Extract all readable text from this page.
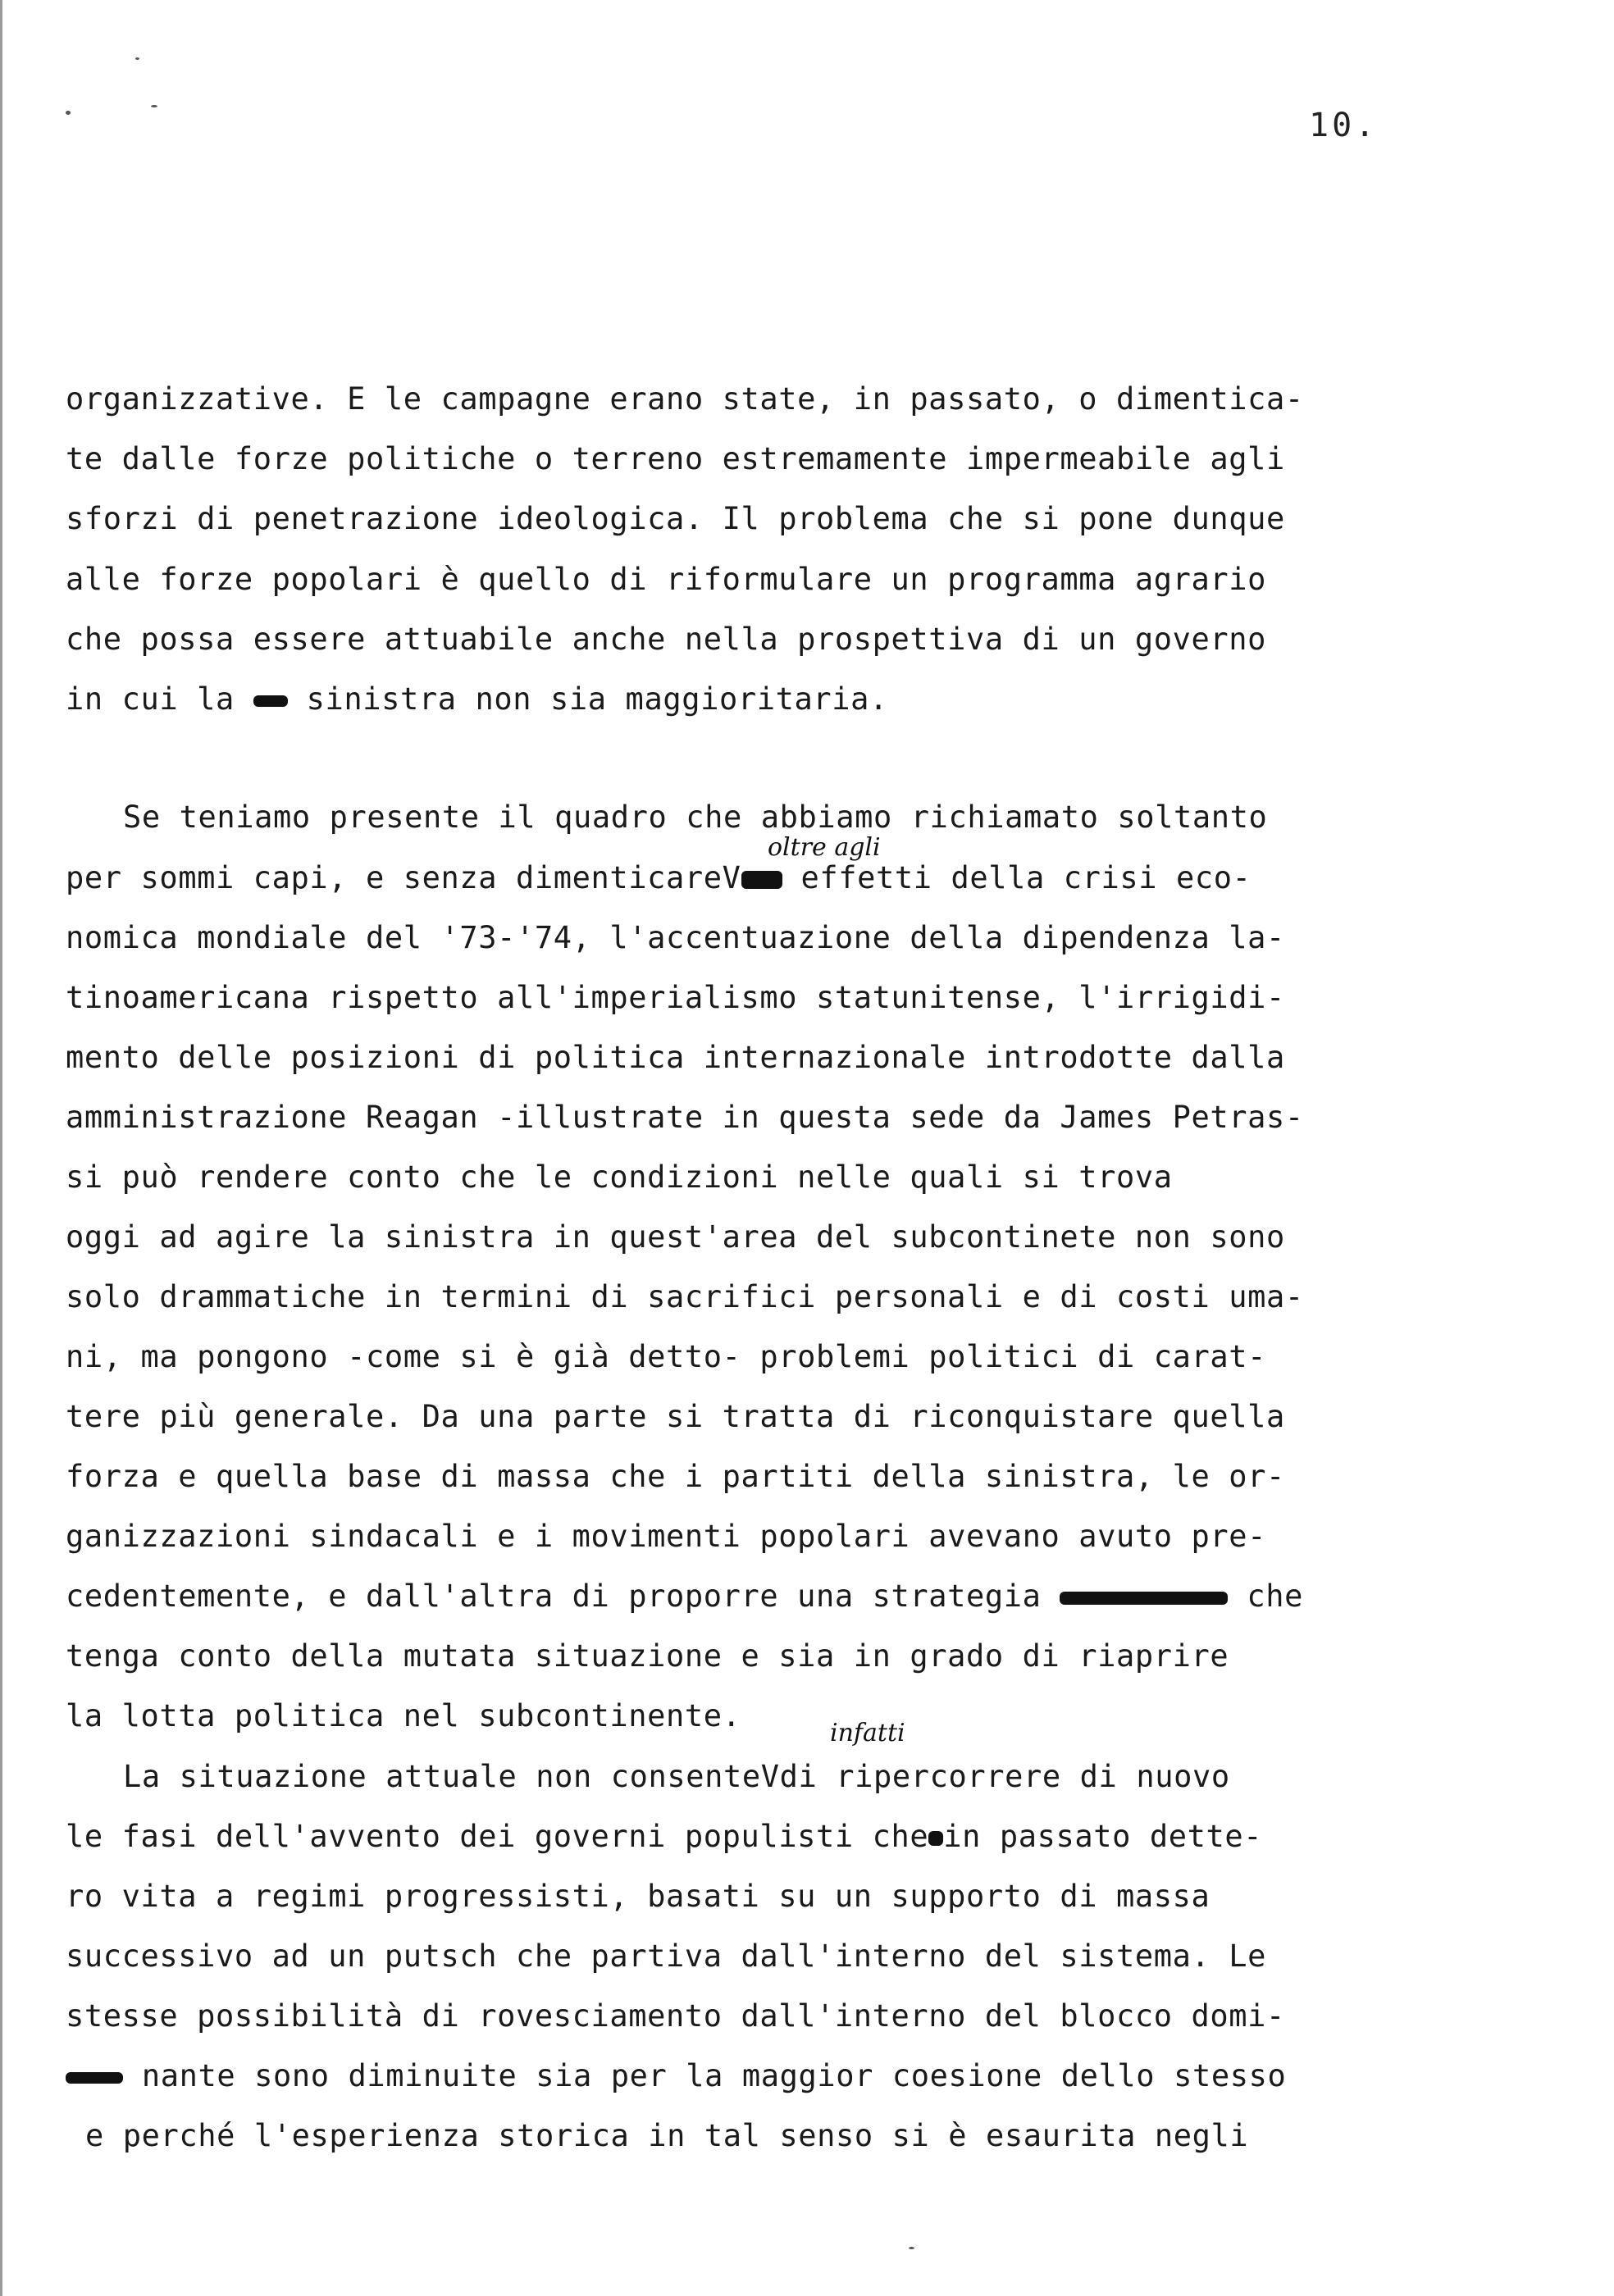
10.
organizzative. E le campagne erano state, in passato, o dimentica-
te dalle forze politiche o terreno estremamente impermeabile agli
sforzi di penetrazione ideologica. Il problema che si pone dunque
alle forze popolari è quello di riformulare un programma agrario
che possa essere attuabile anche nella prospettiva di un governo
in cui la sinistra non sia maggioritaria.
Se teniamo presente il quadro che abbiamo richiamato soltanto
oltre agli
per sommi capi, e senza dimenticareV effetti della crisi eco-
nomica mondiale del '73-'74, l'accentuazione della dipendenza la-
tinoamericana rispetto all'imperialismo statunitense, l'irrigidi-
mento delle posizioni di politica internazionale introdotte dalla
amministrazione Reagan -illustrate in questa sede da James Petras-
si può rendere conto che le condizioni nelle quali si trova
oggi ad agire la sinistra in quest'area del subcontinete non sono
solo drammatiche in termini di sacrifici personali e di costi uma-
ni, ma pongono -come si è già detto- problemi politici di carat-
tere più generale. Da una parte si tratta di riconquistare quella
forza e quella base di massa che i partiti della sinistra, le or-
ganizzazioni sindacali e i movimenti popolari avevano avuto pre-
cedentemente, e dall'altra di proporre una strategia	che
tenga conto della mutata situazione e sia in grado di riaprire
la lotta politica nel subcontinente.	infatti
La situazione attuale non consenteVdi ripercorrere di nuovo
le fasi dell'avvento dei governi populisti che in passato dette-
ro vita a regimi progressisti, basati su un supporto di massa
successivo ad un putsch che partiva dall'interno del sistema. Le
stesse possibilità di rovesciamento dall'interno del blocco domi-
nante sono diminuite sia per la maggior coesione dello stesso
e perché l'esperienza storica in tal senso si è esaurita negli
